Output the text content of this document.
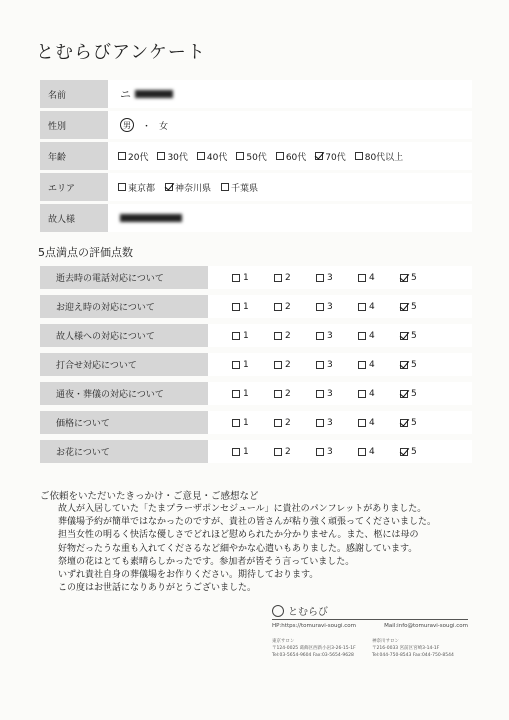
とむらびアンケート
名前	ニ
性別	男	・ 女
年齢	20代 30代 40代 50代 60代 70代 80代以上
エリア	東京都 神奈川県 千葉県
故人様
5点満点の評価点数
逝去時の電話対応について	1	2	3	4	5
お迎え時の対応について	1	2	3	4	5
故人様への対応について	1	2	3	4	5
打合せ対応について	1	2	3	4	5
通夜・葬儀の対応について	1	2	3	4	5
価格について	1	2	3	4	5
お花について	1	2	3	4	5
ご依頼をいただいたきっかけ・ご意見・ご感想など
故人が入居していた「たまプラーザポンセジュール」に貴社のパンフレットがありました。
葬儀場予約が簡単ではなかったのですが、貴社の皆さんが粘り強く頑張ってくださいました。
担当女性の明るく快活な優しさでどれほど慰められたか分かりません。また、柩には母の
好物だったうな重も入れてくださるなど細やかな心遣いもありました。感謝しています。
祭壇の花はとても素晴らしかったです。参加者が皆そう言っていました。
いずれ貴社自身の葬儀場をお作りください。期待しております。
この度はお世話になりありがとうございました。
とむらび
HP:https://tomuravi-sougi.com	Mail:info@tomuravi-sougi.com
東京サロン
〒124-0025 葛飾区西新小岩3-26-15-1F
Tel:03-5654-9604 Fax:03-5654-9628
神奈川サロン
〒216-0033 宮前区宮崎3-14-1F
Tel:044-750-8543 Fax:044-750-8544
